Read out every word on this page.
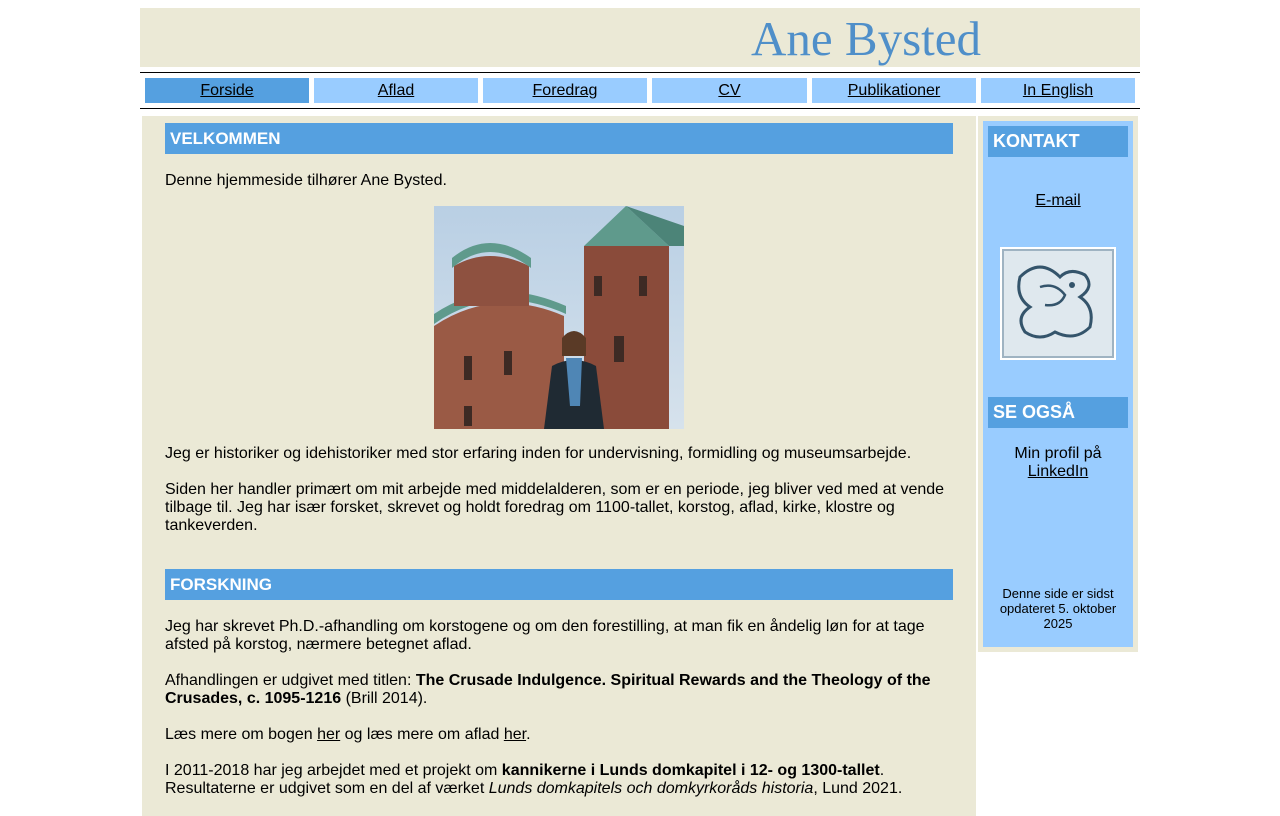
Ane Bysted
Forside	Aflad	Foredrag	CV	Publikationer	In English
VELKOMMEN
Denne hjemmeside tilhører Ane Bysted.
Jeg er historiker og idehistoriker med stor erfaring inden for undervisning, formidling og museumsarbejde.
Siden her handler primært om mit arbejde med middelalderen, som er en periode, jeg bliver ved med at vende tilbage til. Jeg har især forsket, skrevet og holdt foredrag om 1100-tallet, korstog, aflad, kirke, klostre og tankeverden.
FORSKNING
Jeg har skrevet Ph.D.-afhandling om korstogene og om den forestilling, at man fik en åndelig løn for at tage afsted på korstog, nærmere betegnet aflad.
Afhandlingen er udgivet med titlen: The Crusade Indulgence. Spiritual Rewards and the Theology of the Crusades, c. 1095-1216 (Brill 2014).
Læs mere om bogen her og læs mere om aflad her.
I 2011-2018 har jeg arbejdet med et projekt om kannikerne i Lunds domkapitel i 12- og 1300-tallet. Resultaterne er udgivet som en del af værket Lunds domkapitels och domkyrkoråds historia, Lund 2021.
KONTAKT
E-mail
SE OGSÅ
Min profil på
LinkedIn
Denne side er sidst opdateret 5. oktober 2025
